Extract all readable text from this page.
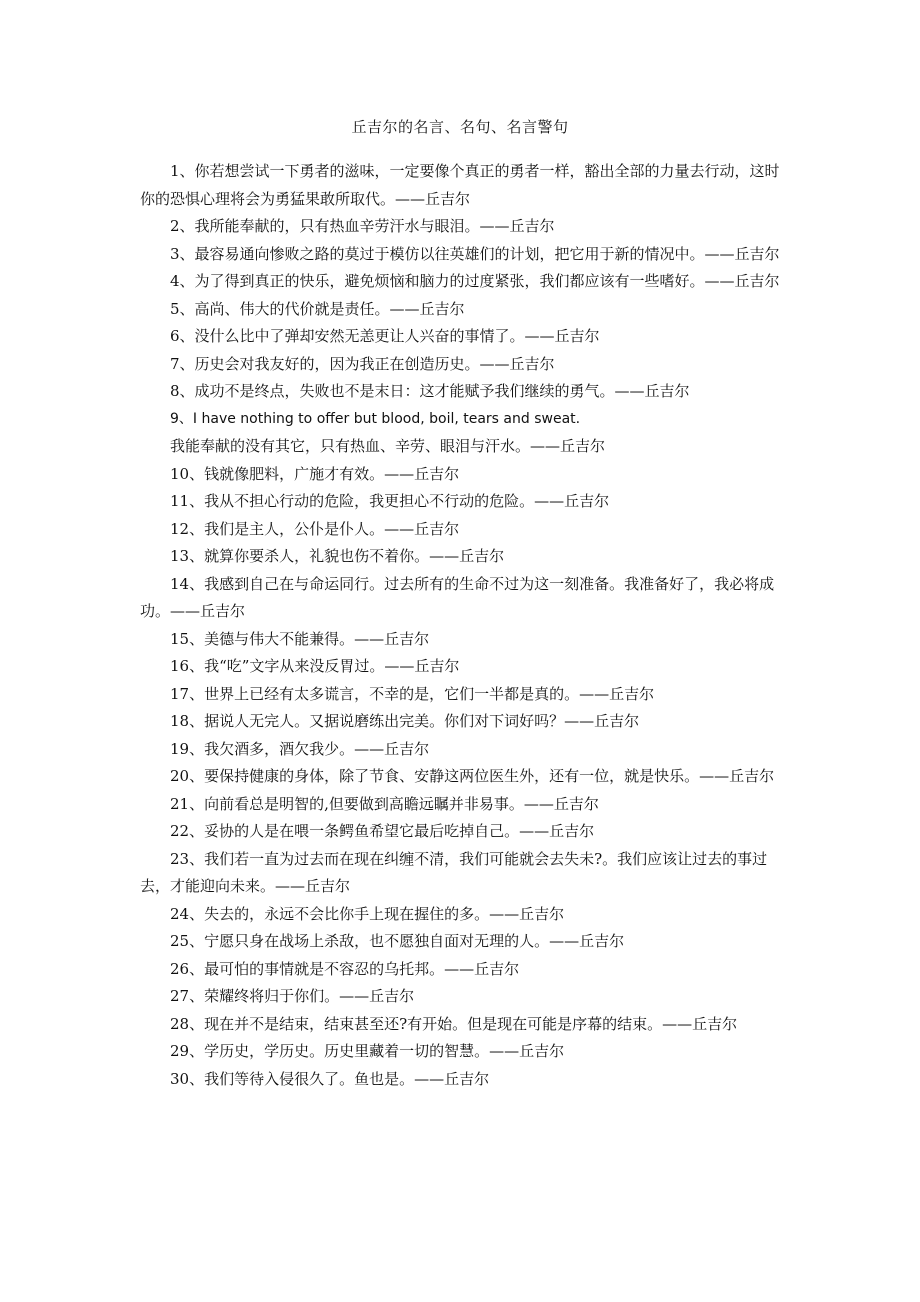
丘吉尔的名言、名句、名言警句

1、你若想尝试一下勇者的滋味，一定要像个真正的勇者一样，豁出全部的力量去行动，这时你的恐惧心理将会为勇猛果敢所取代。——丘吉尔

2、我所能奉献的，只有热血辛劳汗水与眼泪。——丘吉尔

3、最容易通向惨败之路的莫过于模仿以往英雄们的计划，把它用于新的情况中。——丘吉尔

4、为了得到真正的快乐，避免烦恼和脑力的过度紧张，我们都应该有一些嗜好。——丘吉尔

5、高尚、伟大的代价就是责任。——丘吉尔

6、没什么比中了弹却安然无恙更让人兴奋的事情了。——丘吉尔

7、历史会对我友好的，因为我正在创造历史。——丘吉尔

8、成功不是终点，失败也不是末日：这才能赋予我们继续的勇气。——丘吉尔

9、I have nothing to offer but blood, boil, tears and sweat.

我能奉献的没有其它，只有热血、辛劳、眼泪与汗水。——丘吉尔

10、钱就像肥料，广施才有效。——丘吉尔

11、我从不担心行动的危险，我更担心不行动的危险。——丘吉尔

12、我们是主人，公仆是仆人。——丘吉尔

13、就算你要杀人，礼貌也伤不着你。——丘吉尔

14、我感到自己在与命运同行。过去所有的生命不过为这一刻准备。我准备好了，我必将成功。——丘吉尔

15、美德与伟大不能兼得。——丘吉尔

16、我“吃”文字从来没反胃过。——丘吉尔

17、世界上已经有太多谎言，不幸的是，它们一半都是真的。——丘吉尔

18、据说人无完人。又据说磨练出完美。你们对下词好吗？——丘吉尔

19、我欠酒多，酒欠我少。——丘吉尔

20、要保持健康的身体，除了节食、安静这两位医生外，还有一位，就是快乐。——丘吉尔

21、向前看总是明智的,但要做到高瞻远瞩并非易事。——丘吉尔

22、妥协的人是在喂一条鳄鱼希望它最后吃掉自己。——丘吉尔

23、我们若一直为过去而在现在纠缠不清，我们可能就会去失未?。我们应该让过去的事过去，才能迎向未来。——丘吉尔

24、失去的，永远不会比你手上现在握住的多。——丘吉尔

25、宁愿只身在战场上杀敌，也不愿独自面对无理的人。——丘吉尔

26、最可怕的事情就是不容忍的乌托邦。——丘吉尔

27、荣耀终将归于你们。——丘吉尔

28、现在并不是结束，结束甚至还?有开始。但是现在可能是序幕的结束。——丘吉尔

29、学历史，学历史。历史里藏着一切的智慧。——丘吉尔

30、我们等待入侵很久了。鱼也是。——丘吉尔
